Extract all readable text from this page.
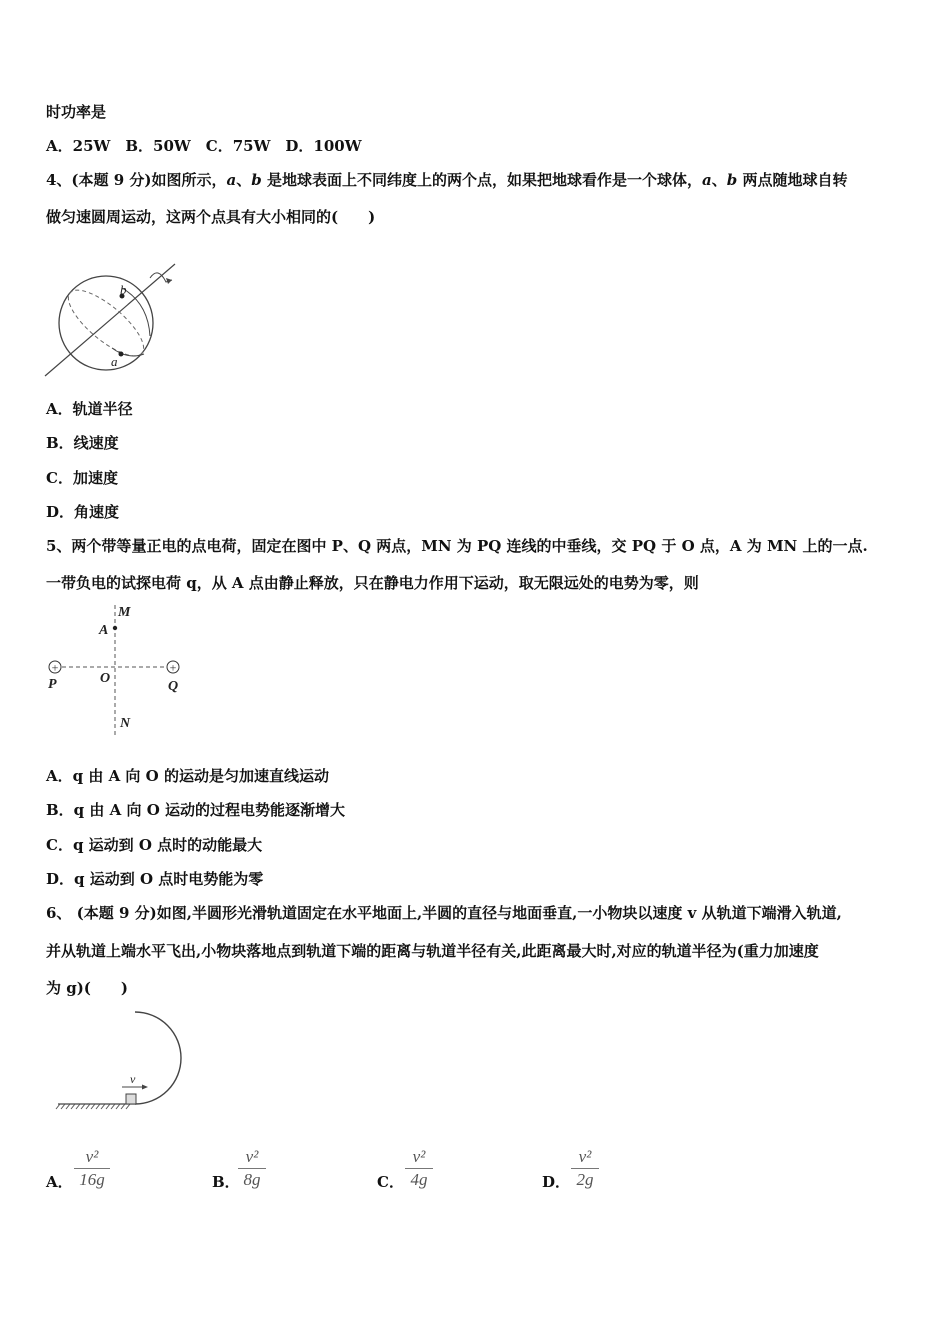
时功率是
A．25W　B．50W　C．75W　D．100W
4、(本题 9 分)如图所示，a、b 是地球表面上不同纬度上的两个点，如果把地球看作是一个球体，a、b 两点随地球自转
做匀速圆周运动，这两个点具有大小相同的(　　)
b
a
A．轨道半径
B．线速度
C．加速度
D．角速度
5、两个带等量正电的点电荷，固定在图中 P、Q 两点，MN 为 PQ 连线的中垂线，交 PQ 于 O 点，A 为 MN 上的一点.
一带负电的试探电荷 q，从 A 点由静止释放，只在静电力作用下运动，取无限远处的电势为零，则
+	+
M
A
P	O
Q
N
A．q 由 A 向 O 的运动是匀加速直线运动
B．q 由 A 向 O 运动的过程电势能逐渐增大
C．q 运动到 O 点时的动能最大
D．q 运动到 O 点时电势能为零
6、 (本题 9 分)如图,半圆形光滑轨道固定在水平地面上,半圆的直径与地面垂直,一小物块以速度 v 从轨道下端滑入轨道,
并从轨道上端水平飞出,小物块落地点到轨道下端的距离与轨道半径有关,此距离最大时,对应的轨道半径为(重力加速度
为 g)(　　)
v
A．
v²
16g	B．
v²
8g	C．
v²
4g	D．
v²
2g
